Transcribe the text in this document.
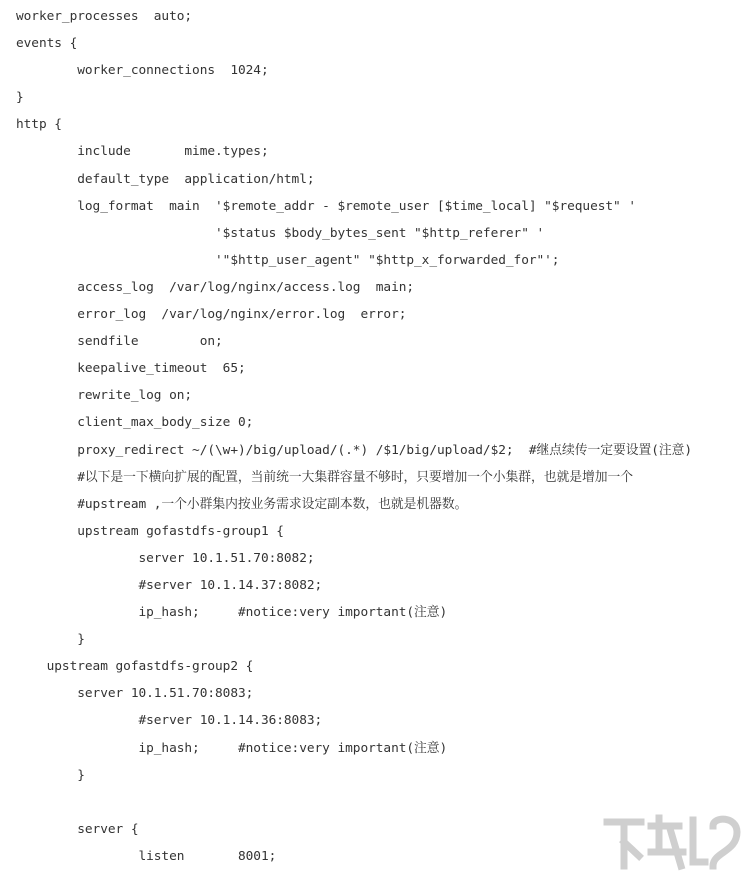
worker_processes  auto;
events {
worker_connections  1024;
}
http {
include       mime.types;
default_type  application/html;
log_format  main  '$remote_addr - $remote_user [$time_local] "$request" '
'$status $body_bytes_sent "$http_referer" '
'"$http_user_agent" "$http_x_forwarded_for"';
access_log  /var/log/nginx/access.log  main;
error_log  /var/log/nginx/error.log  error;
sendfile        on;
keepalive_timeout  65;
rewrite_log on;
client_max_body_size 0;
proxy_redirect ~/(\w+)/big/upload/(.*) /$1/big/upload/$2;  #继点续传一定要设置(注意)
#以下是一下横向扩展的配置，当前统一大集群容量不够时，只要增加一个小集群，也就是增加一个
#upstream ,一个小群集内按业务需求设定副本数，也就是机器数。
upstream gofastdfs-group1 {
server 10.1.51.70:8082;
#server 10.1.14.37:8082;
ip_hash;     #notice:very important(注意)
}
upstream gofastdfs-group2 {
server 10.1.51.70:8083;
#server 10.1.14.36:8083;
ip_hash;     #notice:very important(注意)
}
server {
listen       8001;
